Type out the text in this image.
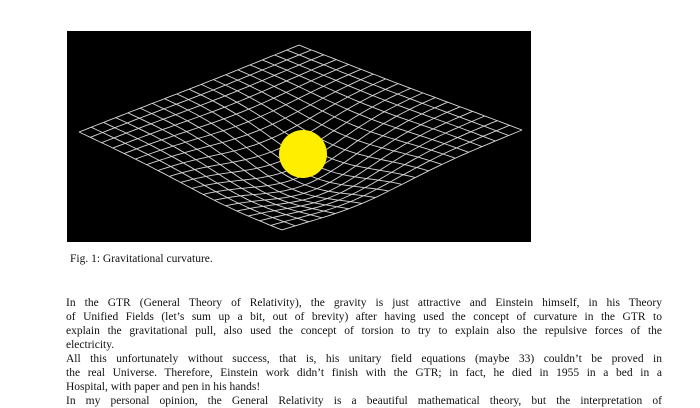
Fig. 1: Gravitational curvature.

In the GTR (General Theory of Relativity), the gravity is just attractive and Einstein himself, in his Theory
of Unified Fields (let’s sum up a bit, out of brevity) after having used the concept of curvature in the GTR to
explain the gravitational pull, also used the concept of torsion to try to explain also the repulsive forces of the
electricity.

All this unfortunately without success, that is, his unitary field equations (maybe 33) couldn’t be proved in
the real Universe. Therefore, Einstein work didn’t finish with the GTR; in fact, he died in 1955 in a bed in a
Hospital, with paper and pen in his hands!

In my personal opinion, the General Relativity is a beautiful mathematical theory, but the interpretation of
